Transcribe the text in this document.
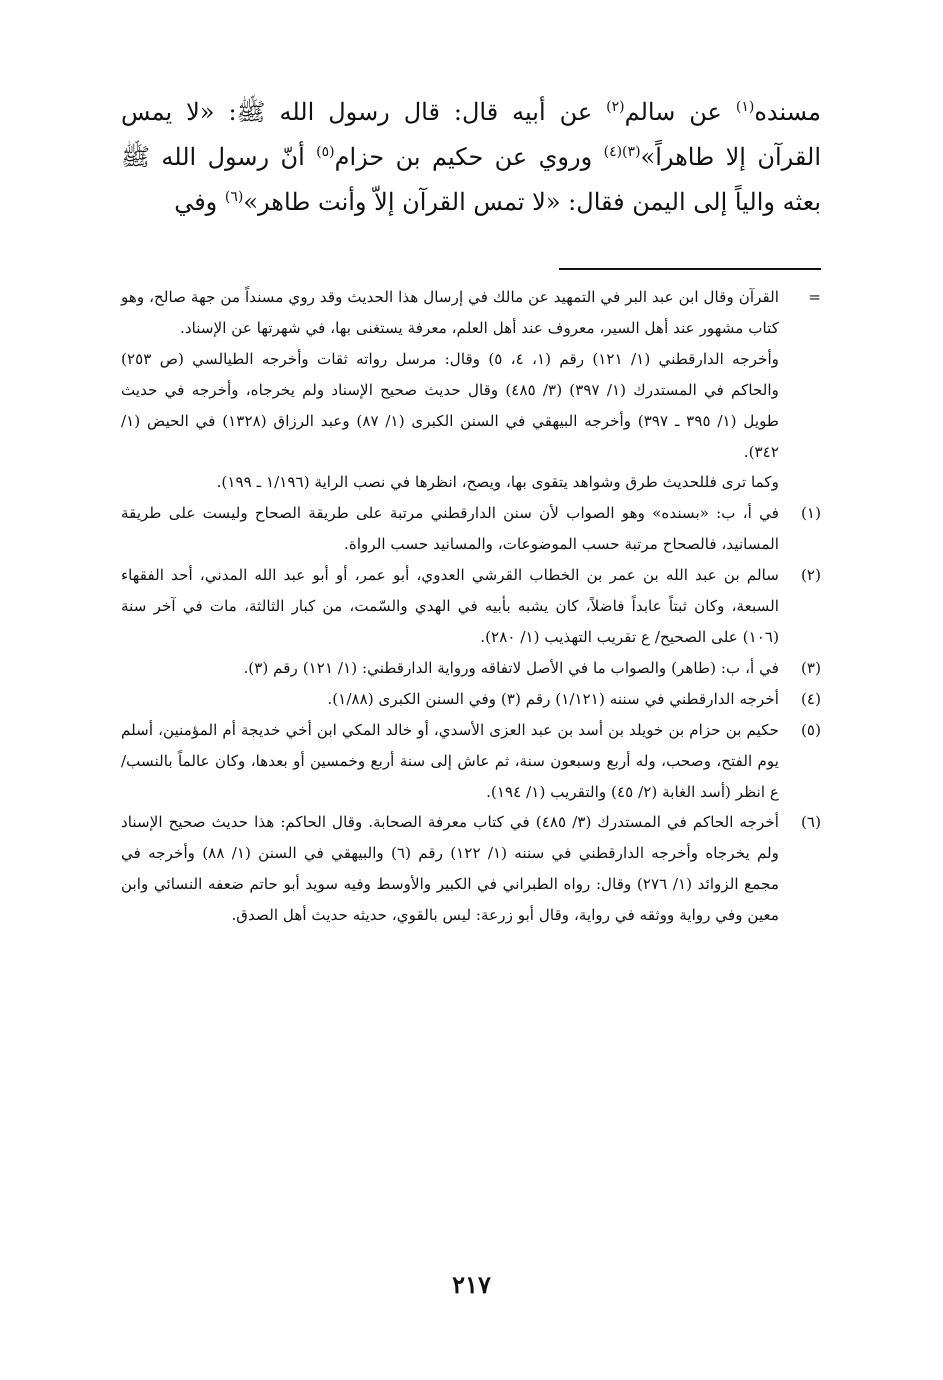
مسنده$^{(١)}$ عن سالم$^{(٢)}$ عن أبيه قال: قال رسول الله ﷺ: «لا يمس القرآن إلا طاهراً»$^{(٣)(٤)}$ وروي عن حكيم بن حزام$^{(٥)}$ أنّ رسول الله ﷺ بعثه والياً إلى اليمن فقال: «لا تمس القرآن إلاّ وأنت طاهر»$^{(٦)}$ وفي

=

القرآن وقال ابن عبد البر في التمهيد عن مالك في إرسال هذا الحديث وقد روي مسنداً من جهة صالح، وهو كتاب مشهور عند أهل السير، معروف عند أهل العلم، معرفة يستغنى بها، في شهرتها عن الإسناد.

وأخرجه الدارقطني (١/ ١٢١) رقم (١، ٤، ٥) وقال: مرسل رواته ثقات وأخرجه الطيالسي (ص ٢٥٣) والحاكم في المستدرك (١/ ٣٩٧) (٣/ ٤٨٥) وقال حديث صحيح الإسناد ولم يخرجاه، وأخرجه في حديث طويل (١/ ٣٩٥ ـ ٣٩٧) وأخرجه البيهقي في السنن الكبرى (١/ ٨٧) وعبد الرزاق (١٣٢٨) في الحيض (١/ ٣٤٢).

وكما ترى فللحديث طرق وشواهد يتقوى بها، ويصح، انظرها في نصب الراية (١/١٩٦ ـ ١٩٩).

(١)

في أ، ب: «بسنده» وهو الصواب لأن سنن الدارقطني مرتبة على طريقة الصحاح وليست على طريقة المسانيد، فالصحاح مرتبة حسب الموضوعات، والمسانيد حسب الرواة.

(٢)

سالم بن عبد الله بن عمر بن الخطاب القرشي العدوي، أبو عمر، أو أبو عبد الله المدني، أحد الفقهاء السبعة، وكان ثبتاً عابداً فاضلاً، كان يشبه بأبيه في الهدي والسّمت، من كبار الثالثة، مات في آخر سنة (١٠٦) على الصحيح/ ع تقريب التهذيب (١/ ٢٨٠).

(٣)

في أ، ب: (طاهر) والصواب ما في الأصل لاتفاقه ورواية الدارقطني: (١/ ١٢١) رقم (٣).

(٤)

أخرجه الدارقطني في سننه (١/١٢١) رقم (٣) وفي السنن الكبرى (١/٨٨).

(٥)

حكيم بن حزام بن خويلد بن أسد بن عبد العزى الأسدي، أو خالد المكي ابن أخي خديجة أم المؤمنين، أسلم يوم الفتح، وصحب، وله أربع وسبعون سنة، ثم عاش إلى سنة أربع وخمسين أو بعدها، وكان عالماً بالنسب/ ع انظر (أسد الغابة (٢/ ٤٥) والتقريب (١/ ١٩٤).

(٦)

أخرجه الحاكم في المستدرك (٣/ ٤٨٥) في كتاب معرفة الصحابة. وقال الحاكم: هذا حديث صحيح الإسناد ولم يخرجاه وأخرجه الدارقطني في سننه (١/ ١٢٢) رقم (٦) والبيهقي في السنن (١/ ٨٨) وأخرجه في مجمع الزوائد (١/ ٢٧٦) وقال: رواه الطبراني في الكبير والأوسط وفيه سويد أبو حاتم ضعفه النسائي وابن معين وفي رواية ووثقه في رواية، وقال أبو زرعة: ليس بالقوي، حديثه حديث أهل الصدق.

٢١٧
